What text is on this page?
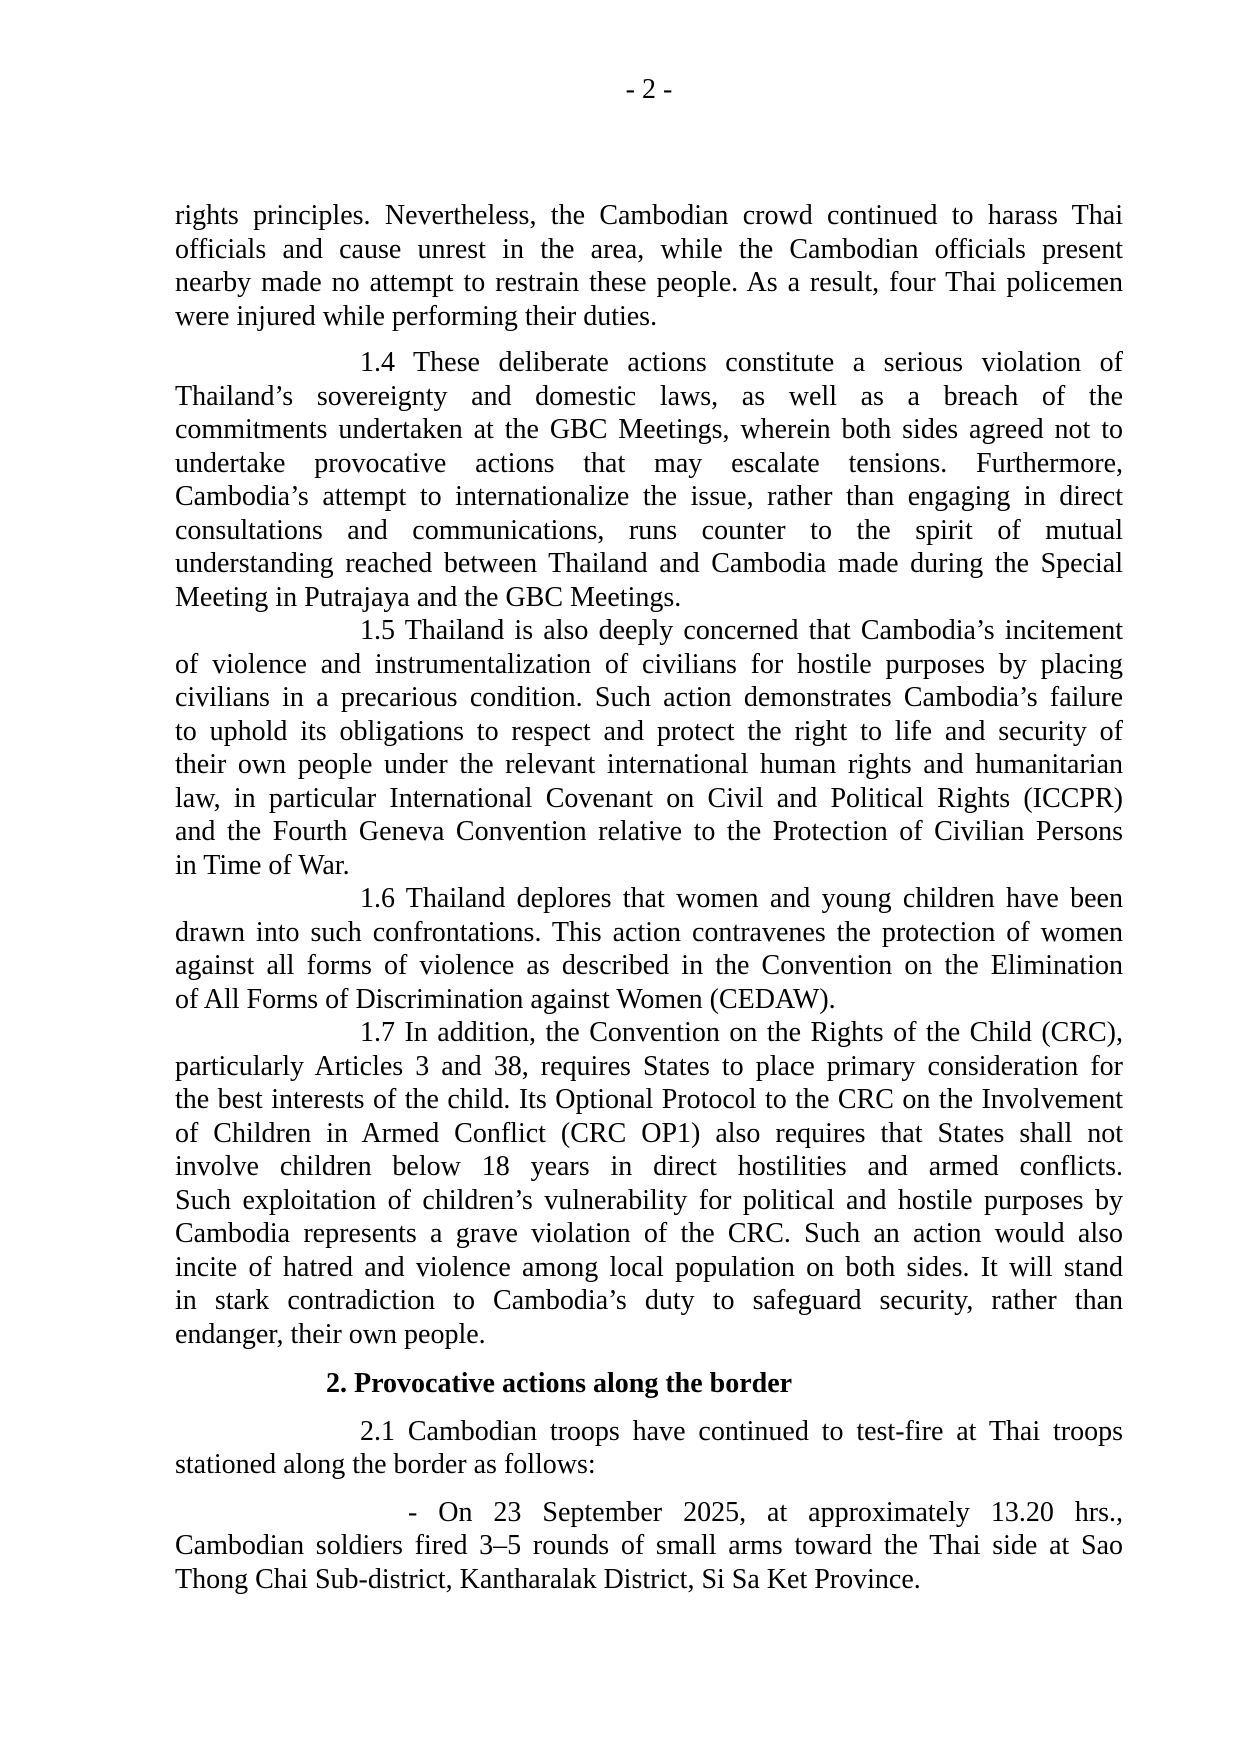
- 2 -
rights principles. Nevertheless, the Cambodian crowd continued to harass Thai
officials and cause unrest in the area, while the Cambodian officials present
nearby made no attempt to restrain these people. As a result, four Thai policemen
were injured while performing their duties.
1.4 These deliberate actions constitute a serious violation of
Thailand’s sovereignty and domestic laws, as well as a breach of the
commitments undertaken at the GBC Meetings, wherein both sides agreed not to
undertake provocative actions that may escalate tensions. Furthermore,
Cambodia’s attempt to internationalize the issue, rather than engaging in direct
consultations and communications, runs counter to the spirit of mutual
understanding reached between Thailand and Cambodia made during the Special
Meeting in Putrajaya and the GBC Meetings.
1.5 Thailand is also deeply concerned that Cambodia’s incitement
of violence and instrumentalization of civilians for hostile purposes by placing
civilians in a precarious condition. Such action demonstrates Cambodia’s failure
to uphold its obligations to respect and protect the right to life and security of
their own people under the relevant international human rights and humanitarian
law, in particular International Covenant on Civil and Political Rights (ICCPR)
and the Fourth Geneva Convention relative to the Protection of Civilian Persons
in Time of War.
1.6 Thailand deplores that women and young children have been
drawn into such confrontations. This action contravenes the protection of women
against all forms of violence as described in the Convention on the Elimination
of All Forms of Discrimination against Women (CEDAW).
1.7 In addition, the Convention on the Rights of the Child (CRC),
particularly Articles 3 and 38, requires States to place primary consideration for
the best interests of the child. Its Optional Protocol to the CRC on the Involvement
of Children in Armed Conflict (CRC OP1) also requires that States shall not
involve children below 18 years in direct hostilities and armed conflicts.
Such exploitation of children’s vulnerability for political and hostile purposes by
Cambodia represents a grave violation of the CRC. Such an action would also
incite of hatred and violence among local population on both sides. It will stand
in stark contradiction to Cambodia’s duty to safeguard security, rather than
endanger, their own people.
2. Provocative actions along the border
2.1 Cambodian troops have continued to test-fire at Thai troops
stationed along the border as follows:
- On 23 September 2025, at approximately 13.20 hrs.,
Cambodian soldiers fired 3–5 rounds of small arms toward the Thai side at Sao
Thong Chai Sub-district, Kantharalak District, Si Sa Ket Province.
